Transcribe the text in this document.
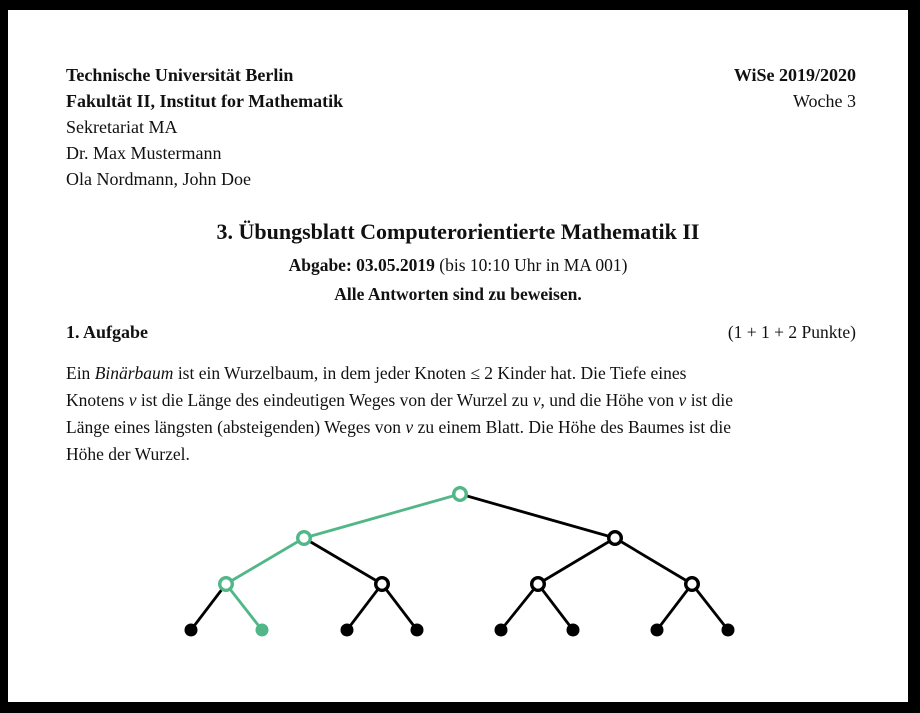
Technische Universität Berlin
Fakultät II, Institut for Mathematik
Sekretariat MA
Dr. Max Mustermann
Ola Nordmann, John Doe
WiSe 2019/2020
Woche 3
3. Übungsblatt Computerorientierte Mathematik II
Abgabe: 03.05.2019 (bis 10:10 Uhr in MA 001)
Alle Antworten sind zu beweisen.
1. Aufgabe	(1 + 1 + 2 Punkte)
Ein Binärbaum ist ein Wurzelbaum, in dem jeder Knoten ≤ 2 Kinder hat. Die Tiefe eines
Knotens v ist die Länge des eindeutigen Weges von der Wurzel zu v, und die Höhe von v ist die
Länge eines längsten (absteigenden) Weges von v zu einem Blatt. Die Höhe des Baumes ist die
Höhe der Wurzel.
